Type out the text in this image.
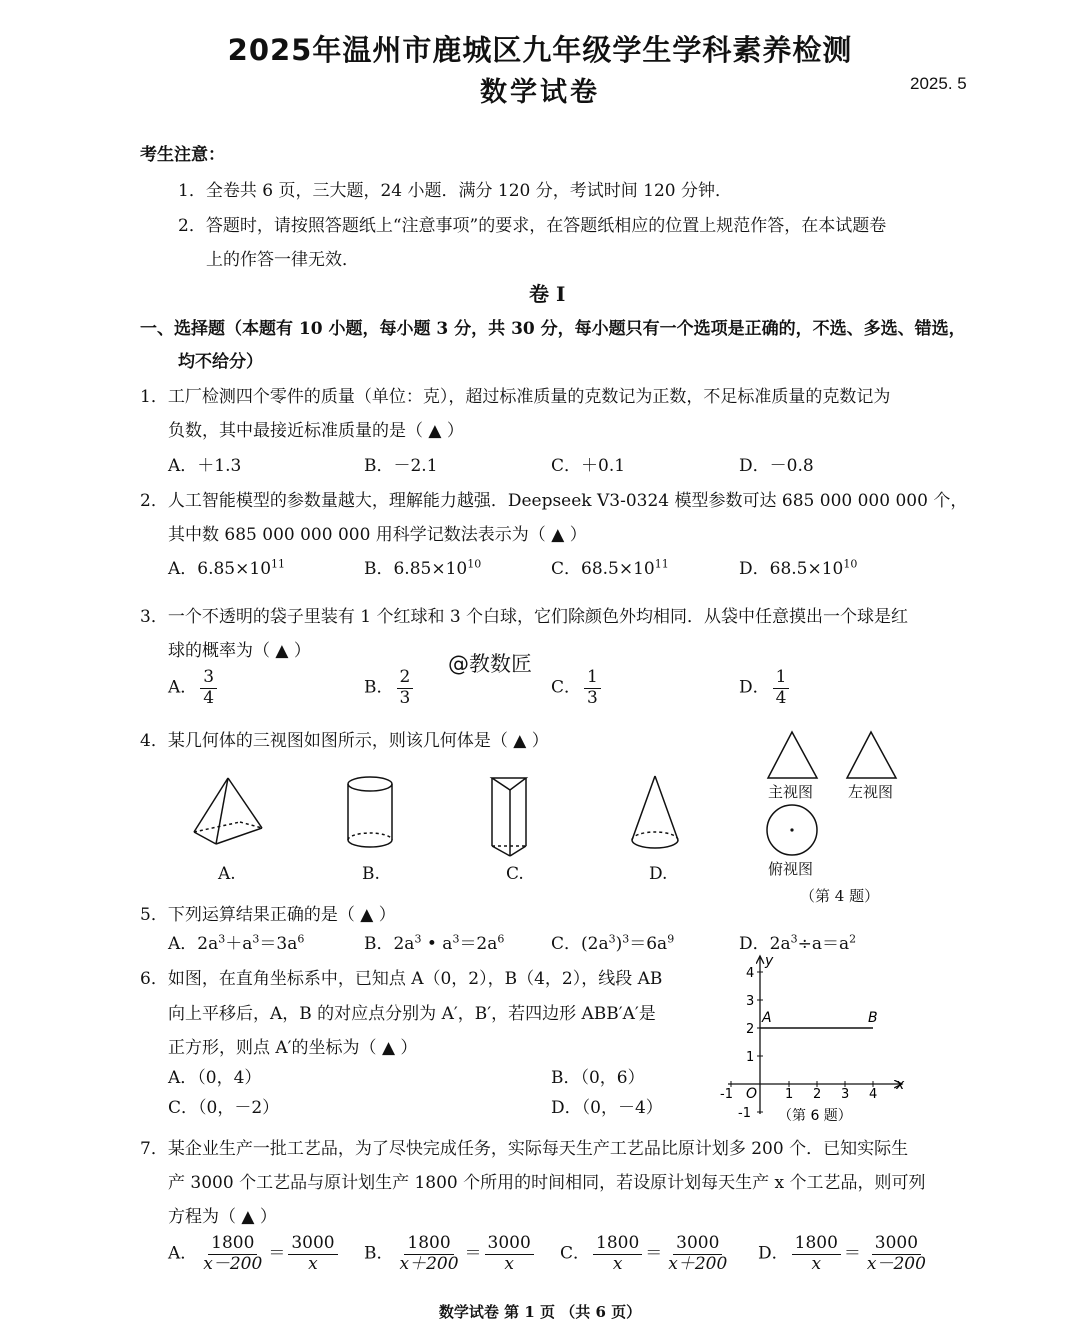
2025年温州市鹿城区九年级学生学科素养检测
数学试卷	2025. 5
考生注意：
1．全卷共 6 页，三大题，24 小题．满分 120 分，考试时间 120 分钟．
2．答题时，请按照答题纸上“注意事项”的要求，在答题纸相应的位置上规范作答，在本试题卷
上的作答一律无效．
卷 I
一、选择题（本题有 10 小题，每小题 3 分，共 30 分，每小题只有一个选项是正确的，不选、多选、错选，
均不给分）
1．工厂检测四个零件的质量（单位：克），超过标准质量的克数记为正数，不足标准质量的克数记为
负数，其中最接近标准质量的是（ ▲ ）
A．＋1.3	B．－2.1	C．＋0.1	D．－0.8
2．人工智能模型的参数量越大，理解能力越强．Deepseek V3-0324 模型参数可达 685 000 000 000 个，
其中数 685 000 000 000 用科学记数法表示为（ ▲ ）
A．$6.85\times 10^{11}$	B．$6.85\times 10^{10}$	C．$68.5\times 10^{11}$	D．$68.5\times 10^{10}$
3．一个不透明的袋子里装有 1 个红球和 3 个白球，它们除颜色外均相同．从袋中任意摸出一个球是红
球的概率为（ ▲ ）
@教数匠
A． $\frac{3}{4}$	B． $\frac{2}{3}$	C． $\frac{1}{3}$	D． $\frac{1}{4}$
4．某几何体的三视图如图所示，则该几何体是（ ▲ ）
A.	B.	C.	D.
主视图 左视图
俯视图
（第 4 题）
5．下列运算结果正确的是（ ▲ ）
A．$2a^3+a^3=3a^6$	B．$2a^3$ • $a^3=2a^6$	C．$(2a^3)^3=6a^9$	D．$2a^3\div a=a^2$
6．如图，在直角坐标系中，已知点 A（0，2），B（4，2），线段 AB
向上平移后，A，B 的对应点分别为 A′，B′，若四边形 ABB′A′是
正方形，则点 A′的坐标为（ ▲ ）
A．（0，4）	B．（0，6）
C．（0，－2）	D．（0，－4）
x
y
O
A	B
-1	1 2 3 4
4
3
2
1
-1 （第 6 题）
7．某企业生产一批工艺品，为了尽快完成任务，实际每天生产工艺品比原计划多 200 个．已知实际生
产 3000 个工艺品与原计划生产 1800 个所用的时间相同，若设原计划每天生产 x 个工艺品，则可列
方程为（ ▲ ）
A． $\frac{1800}{x-200} = \frac{3000}{x}$ B． $\frac{1800}{x+200} = \frac{3000}{x}$ C． $\frac{1800}{x} = \frac{3000}{x+200}$ D． $\frac{1800}{x} = \frac{3000}{x-200}$
数学试卷 第 1 页 （共 6 页）
